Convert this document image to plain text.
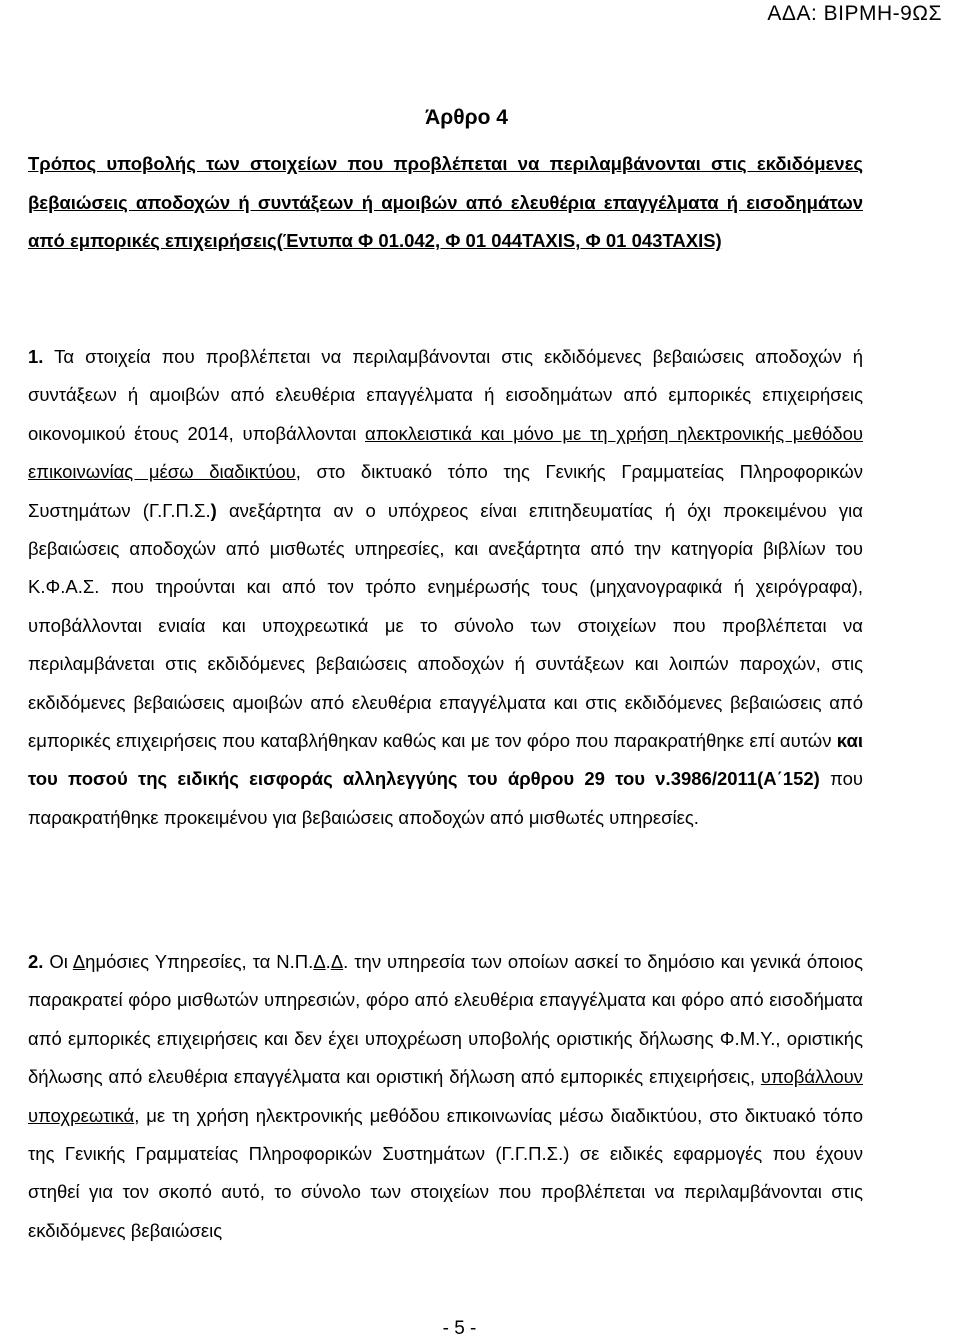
ΑΔΑ: ΒΙΡΜΗ-9ΩΣ
Άρθρο 4
Τρόπος υποβολής των στοιχείων που προβλέπεται να περιλαμβάνονται στις εκδιδόμενες βεβαιώσεις αποδοχών ή συντάξεων ή αμοιβών από ελευθέρια επαγγέλματα ή εισοδημάτων από εμπορικές επιχειρήσεις(Έντυπα Φ 01.042, Φ 01 044TAXIS, Φ 01 043TAXIS)
1. Τα στοιχεία που προβλέπεται να περιλαμβάνονται στις εκδιδόμενες βεβαιώσεις αποδοχών ή συντάξεων ή αμοιβών από ελευθέρια επαγγέλματα ή εισοδημάτων από εμπορικές επιχειρήσεις οικονομικού έτους 2014, υποβάλλονται αποκλειστικά και μόνο με τη χρήση ηλεκτρονικής μεθόδου επικοινωνίας μέσω διαδικτύου, στο δικτυακό τόπο της Γενικής Γραμματείας Πληροφορικών Συστημάτων (Γ.Γ.Π.Σ.) ανεξάρτητα αν ο υπόχρεος είναι επιτηδευματίας ή όχι προκειμένου για βεβαιώσεις αποδοχών από μισθωτές υπηρεσίες, και ανεξάρτητα από την κατηγορία βιβλίων του Κ.Φ.Α.Σ. που τηρούνται και από τον τρόπο ενημέρωσής τους (μηχανογραφικά ή χειρόγραφα), υποβάλλονται ενιαία και υποχρεωτικά με το σύνολο των στοιχείων που προβλέπεται να περιλαμβάνεται στις εκδιδόμενες βεβαιώσεις αποδοχών ή συντάξεων και λοιπών παροχών, στις εκδιδόμενες βεβαιώσεις αμοιβών από ελευθέρια επαγγέλματα και στις εκδιδόμενες βεβαιώσεις από εμπορικές επιχειρήσεις που καταβλήθηκαν καθώς και με τον φόρο που παρακρατήθηκε επί αυτών και του ποσού της ειδικής εισφοράς αλληλεγγύης του άρθρου 29 του ν.3986/2011(Α΄152) που παρακρατήθηκε προκειμένου για βεβαιώσεις αποδοχών από μισθωτές υπηρεσίες.
2. Οι Δημόσιες Υπηρεσίες, τα Ν.Π.Δ.Δ. την υπηρεσία των οποίων ασκεί το δημόσιο και γενικά όποιος παρακρατεί φόρο μισθωτών υπηρεσιών, φόρο από ελευθέρια επαγγέλματα και φόρο από εισοδήματα από εμπορικές επιχειρήσεις και δεν έχει υποχρέωση υποβολής οριστικής δήλωσης Φ.Μ.Υ., οριστικής δήλωσης από ελευθέρια επαγγέλματα και οριστική δήλωση από εμπορικές επιχειρήσεις, υποβάλλουν υποχρεωτικά, με τη χρήση ηλεκτρονικής μεθόδου επικοινωνίας μέσω διαδικτύου, στο δικτυακό τόπο της Γενικής Γραμματείας Πληροφορικών Συστημάτων (Γ.Γ.Π.Σ.) σε ειδικές εφαρμογές που έχουν στηθεί για τον σκοπό αυτό, το σύνολο των στοιχείων που προβλέπεται να περιλαμβάνονται στις εκδιδόμενες βεβαιώσεις
- 5 -
